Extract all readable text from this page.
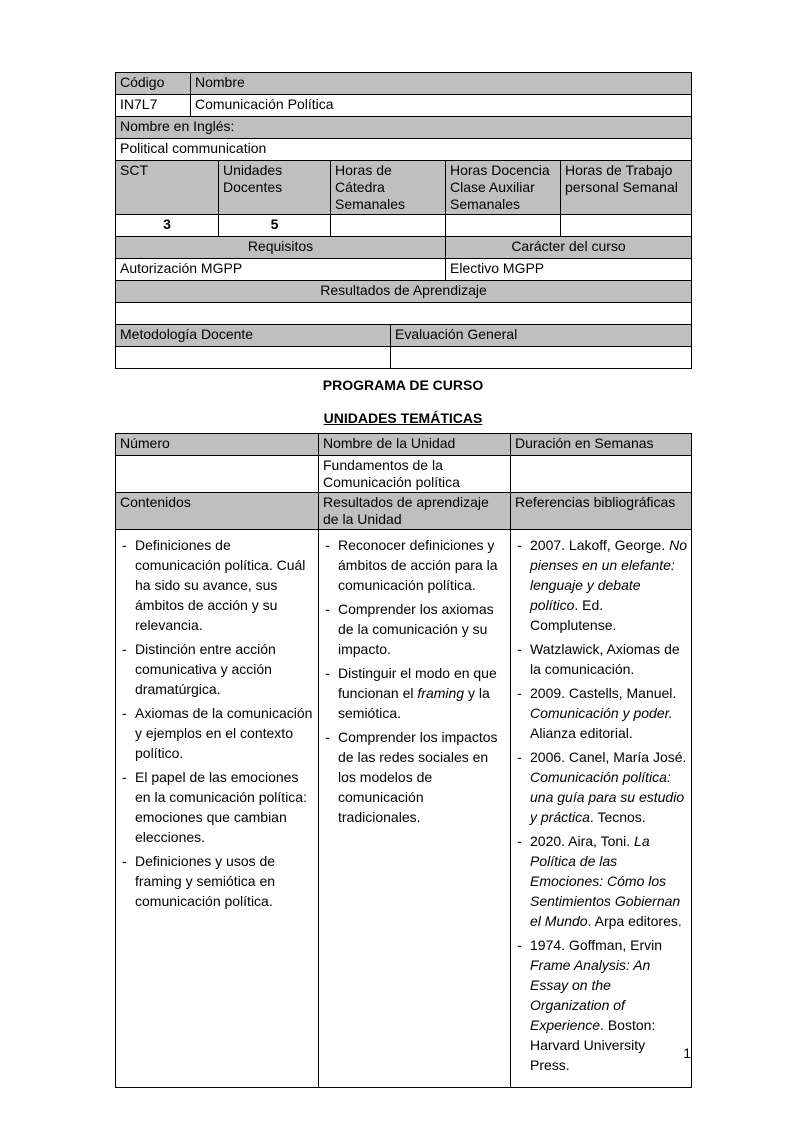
Código	Nombre					
IN7L7	Comunicación Política					
Nombre en Inglés:						
Political communication						
SCT		Unidades Docentes	Horas de Cátedra Semanales		Horas Docencia Clase Auxiliar Semanales	Horas de Trabajo personal Semanal
3		5				
Requisitos					Carácter del curso	
Autorización MGPP					Electivo MGPP	
Resultados de Aprendizaje						

Metodología Docente				Evaluación General		

PROGRAMA DE CURSO
UNIDADES TEMÁTICAS
Número	Nombre de la Unidad	Duración en Semanas
	Fundamentos de la Comunicación política	
Contenidos	Resultados de aprendizaje de la Unidad	Referencias bibliográficas

- Definiciones de comunicación política. Cuál ha sido su avance, sus ámbitos de acción y su relevancia.
- Distinción entre acción comunicativa y acción dramatúrgica.
- Axiomas de la comunicación y ejemplos en el contexto político.
- El papel de las emociones en la comunicación política: emociones que cambian elecciones.
- Definiciones y usos de framing y semiótica en comunicación política.

- Reconocer definiciones y ámbitos de acción para la comunicación política.
- Comprender los axiomas de la comunicación y su impacto.
- Distinguir el modo en que funcionan el framing y la semiótica.
- Comprender los impactos de las redes sociales en los modelos de comunicación tradicionales.

- 2007. Lakoff, George. No pienses en un elefante: lenguaje y debate político. Ed. Complutense.
- Watzlawick, Axiomas de la comunicación.
- 2009. Castells, Manuel. Comunicación y poder. Alianza editorial.
- 2006. Canel, María José. Comunicación política: una guía para su estudio y práctica. Tecnos.
- 2020. Aira, Toni. La Política de las Emociones: Cómo los Sentimientos Gobiernan el Mundo. Arpa editores.
- 1974. Goffman, Ervin Frame Analysis: An Essay on the Organization of Experience. Boston: Harvard University Press.
1
